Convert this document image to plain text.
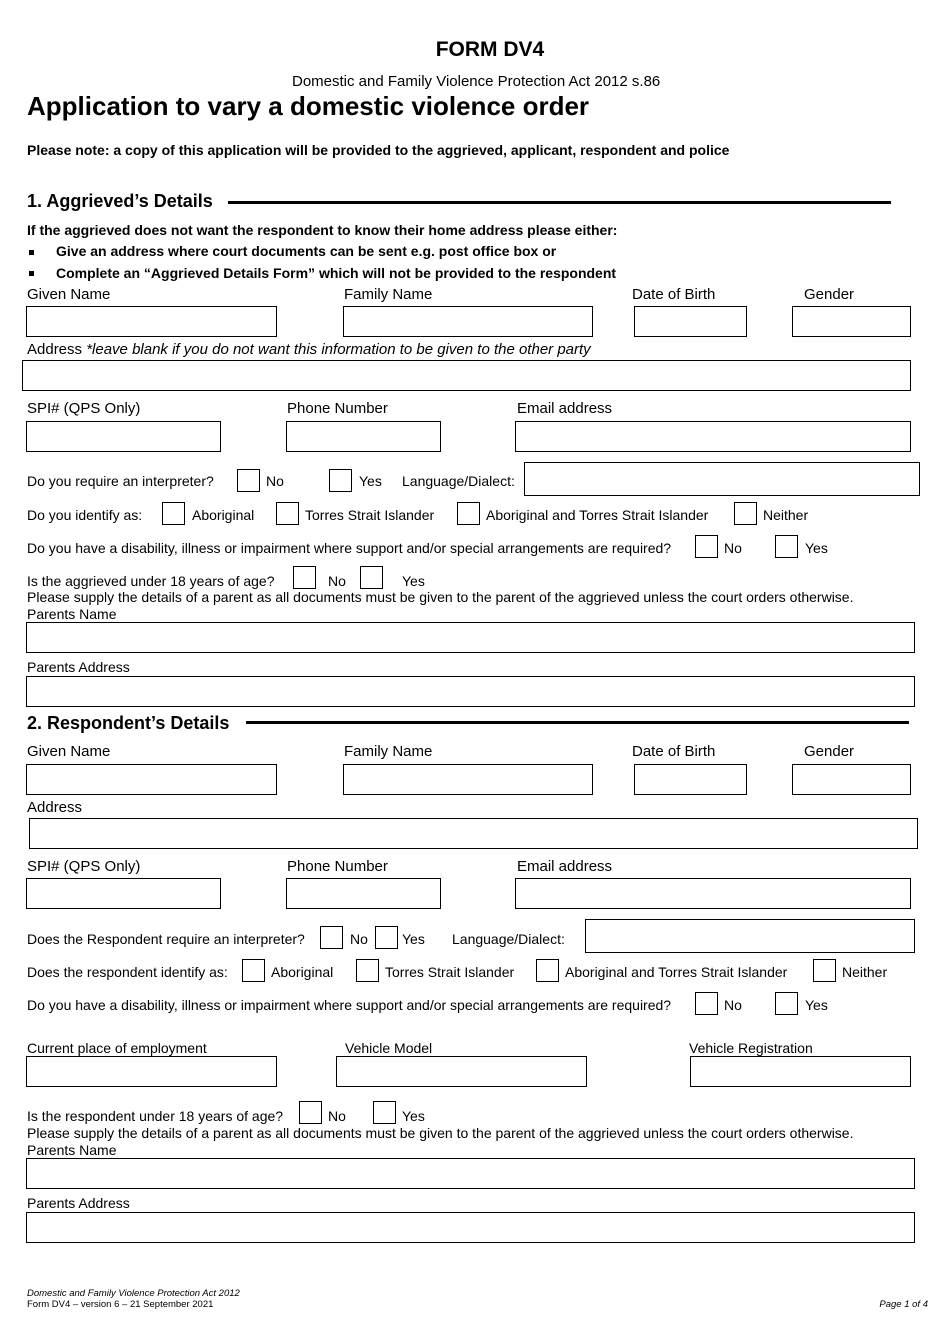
FORM DV4
Domestic and Family Violence Protection Act 2012 s.86
Application to vary a domestic violence order
Please note: a copy of this application will be provided to the aggrieved, applicant, respondent and police
1. Aggrieved’s Details
If the aggrieved does not want the respondent to know their home address please either:
Give an address where court documents can be sent e.g. post office box or
Complete an “Aggrieved Details Form” which will not be provided to the respondent
Given Name	Family Name	Date of Birth	Gender
Address *leave blank if you do not want this information to be given to the other party
SPI# (QPS Only)	Phone Number	Email address
Do you require an interpreter?	No	Yes Language/Dialect:
Do you identify as:	Aboriginal	Torres Strait Islander	Aboriginal and Torres Strait Islander	Neither
Do you have a disability, illness or impairment where support and/or special arrangements are required?	No	Yes
Is the aggrieved under 18 years of age?	No	Yes
Please supply the details of a parent as all documents must be given to the parent of the aggrieved unless the court orders otherwise.
Parents Name
Parents Address
2. Respondent’s Details
Given Name	Family Name	Date of Birth	Gender
Address
SPI# (QPS Only)	Phone Number	Email address
Does the Respondent require an interpreter?	No Yes Language/Dialect:
Does the respondent identify as:	Aboriginal	Torres Strait Islander	Aboriginal and Torres Strait Islander	Neither
Do you have a disability, illness or impairment where support and/or special arrangements are required?	No	Yes
Current place of employment	Vehicle Model	Vehicle Registration
Is the respondent under 18 years of age?	No	Yes
Please supply the details of a parent as all documents must be given to the parent of the aggrieved unless the court orders otherwise.
Parents Name
Parents Address
Domestic and Family Violence Protection Act 2012
Form DV4 – version 6 – 21 September 2021	Page 1 of 4
